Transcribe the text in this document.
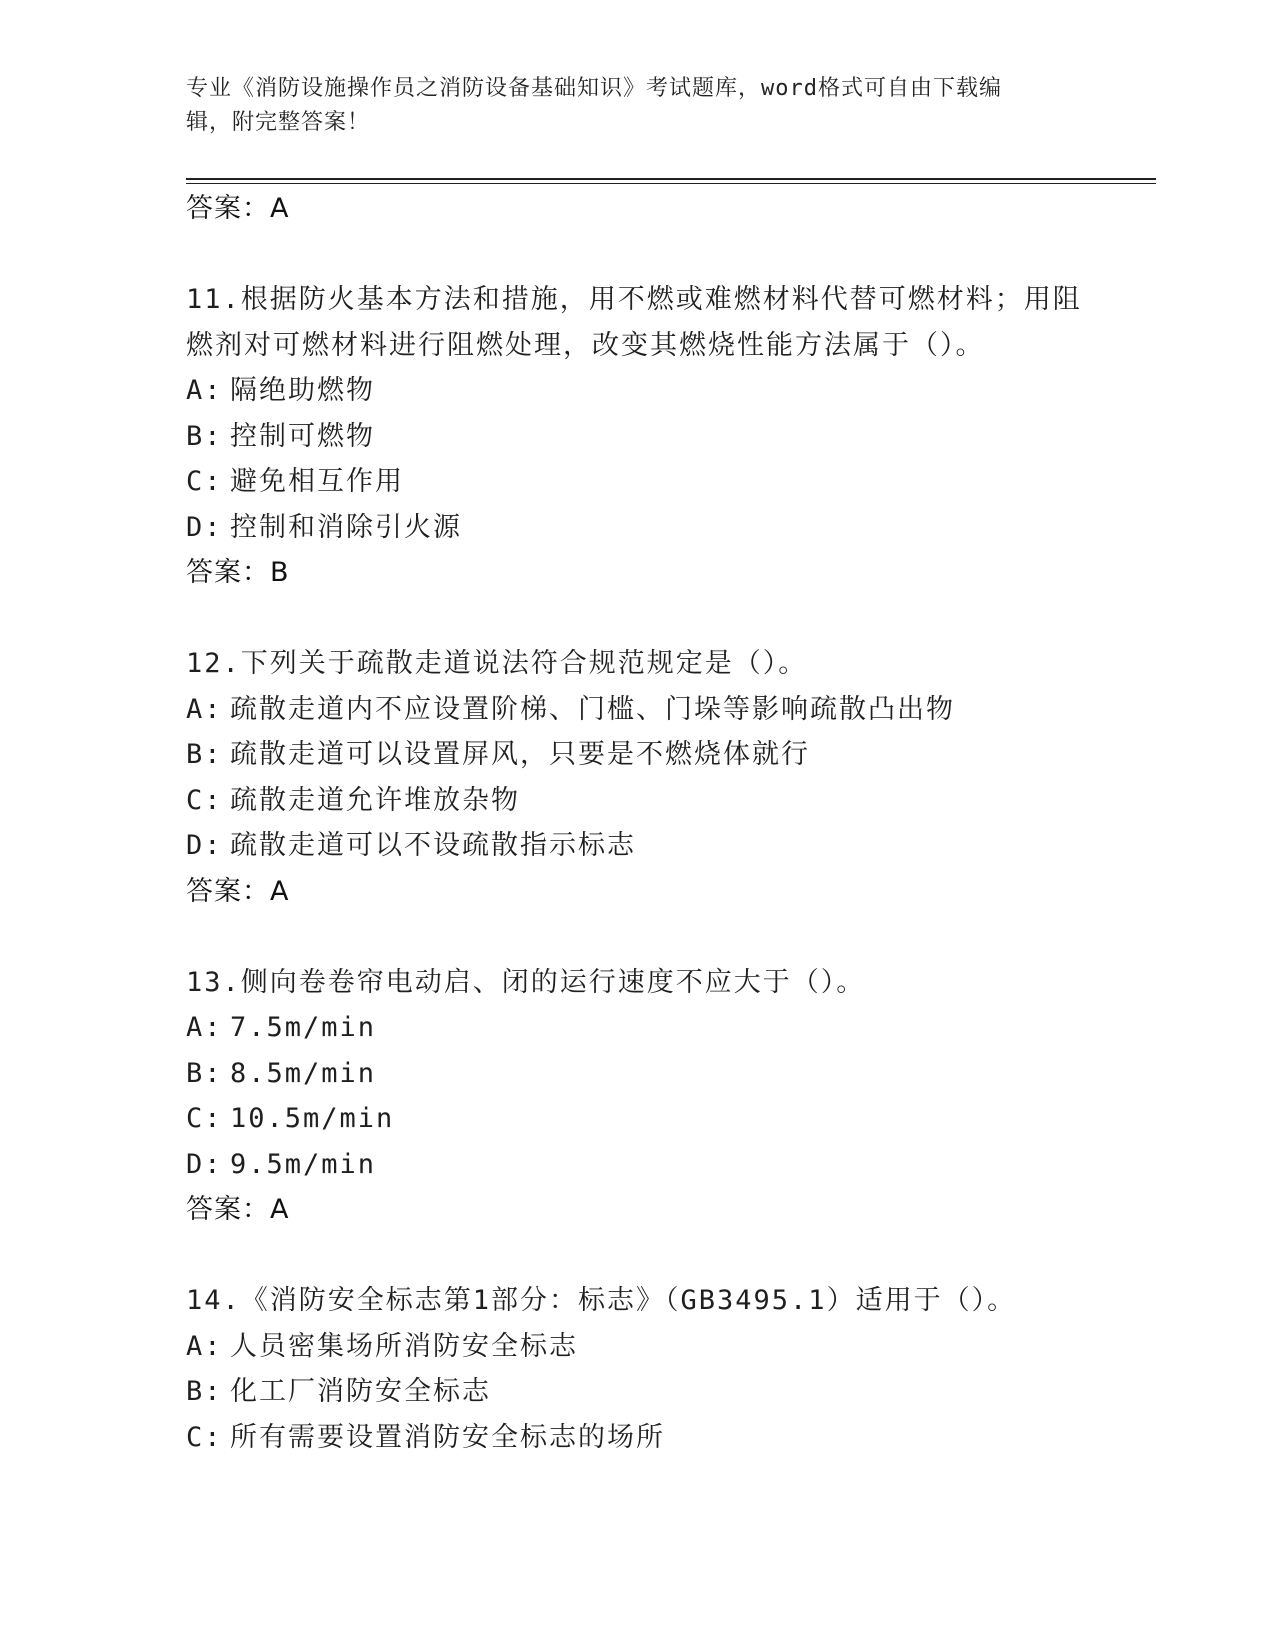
专业《消防设施操作员之消防设备基础知识》考试题库，word格式可自由下载编
辑，附完整答案！
答案：A
11.根据防火基本方法和措施，用不燃或难燃材料代替可燃材料；用阻
燃剂对可燃材料进行阻燃处理，改变其燃烧性能方法属于（）。
A: 隔绝助燃物
B: 控制可燃物
C: 避免相互作用
D: 控制和消除引火源
答案：B
12.下列关于疏散走道说法符合规范规定是（）。
A: 疏散走道内不应设置阶梯、门槛、门垛等影响疏散凸出物
B: 疏散走道可以设置屏风，只要是不燃烧体就行
C: 疏散走道允许堆放杂物
D: 疏散走道可以不设疏散指示标志
答案：A
13.侧向卷卷帘电动启、闭的运行速度不应大于（）。
A: 7.5m/min
B: 8.5m/min
C: 10.5m/min
D: 9.5m/min
答案：A
14.《消防安全标志第1部分：标志》（GB3495.1）适用于（）。
A: 人员密集场所消防安全标志
B: 化工厂消防安全标志
C: 所有需要设置消防安全标志的场所
